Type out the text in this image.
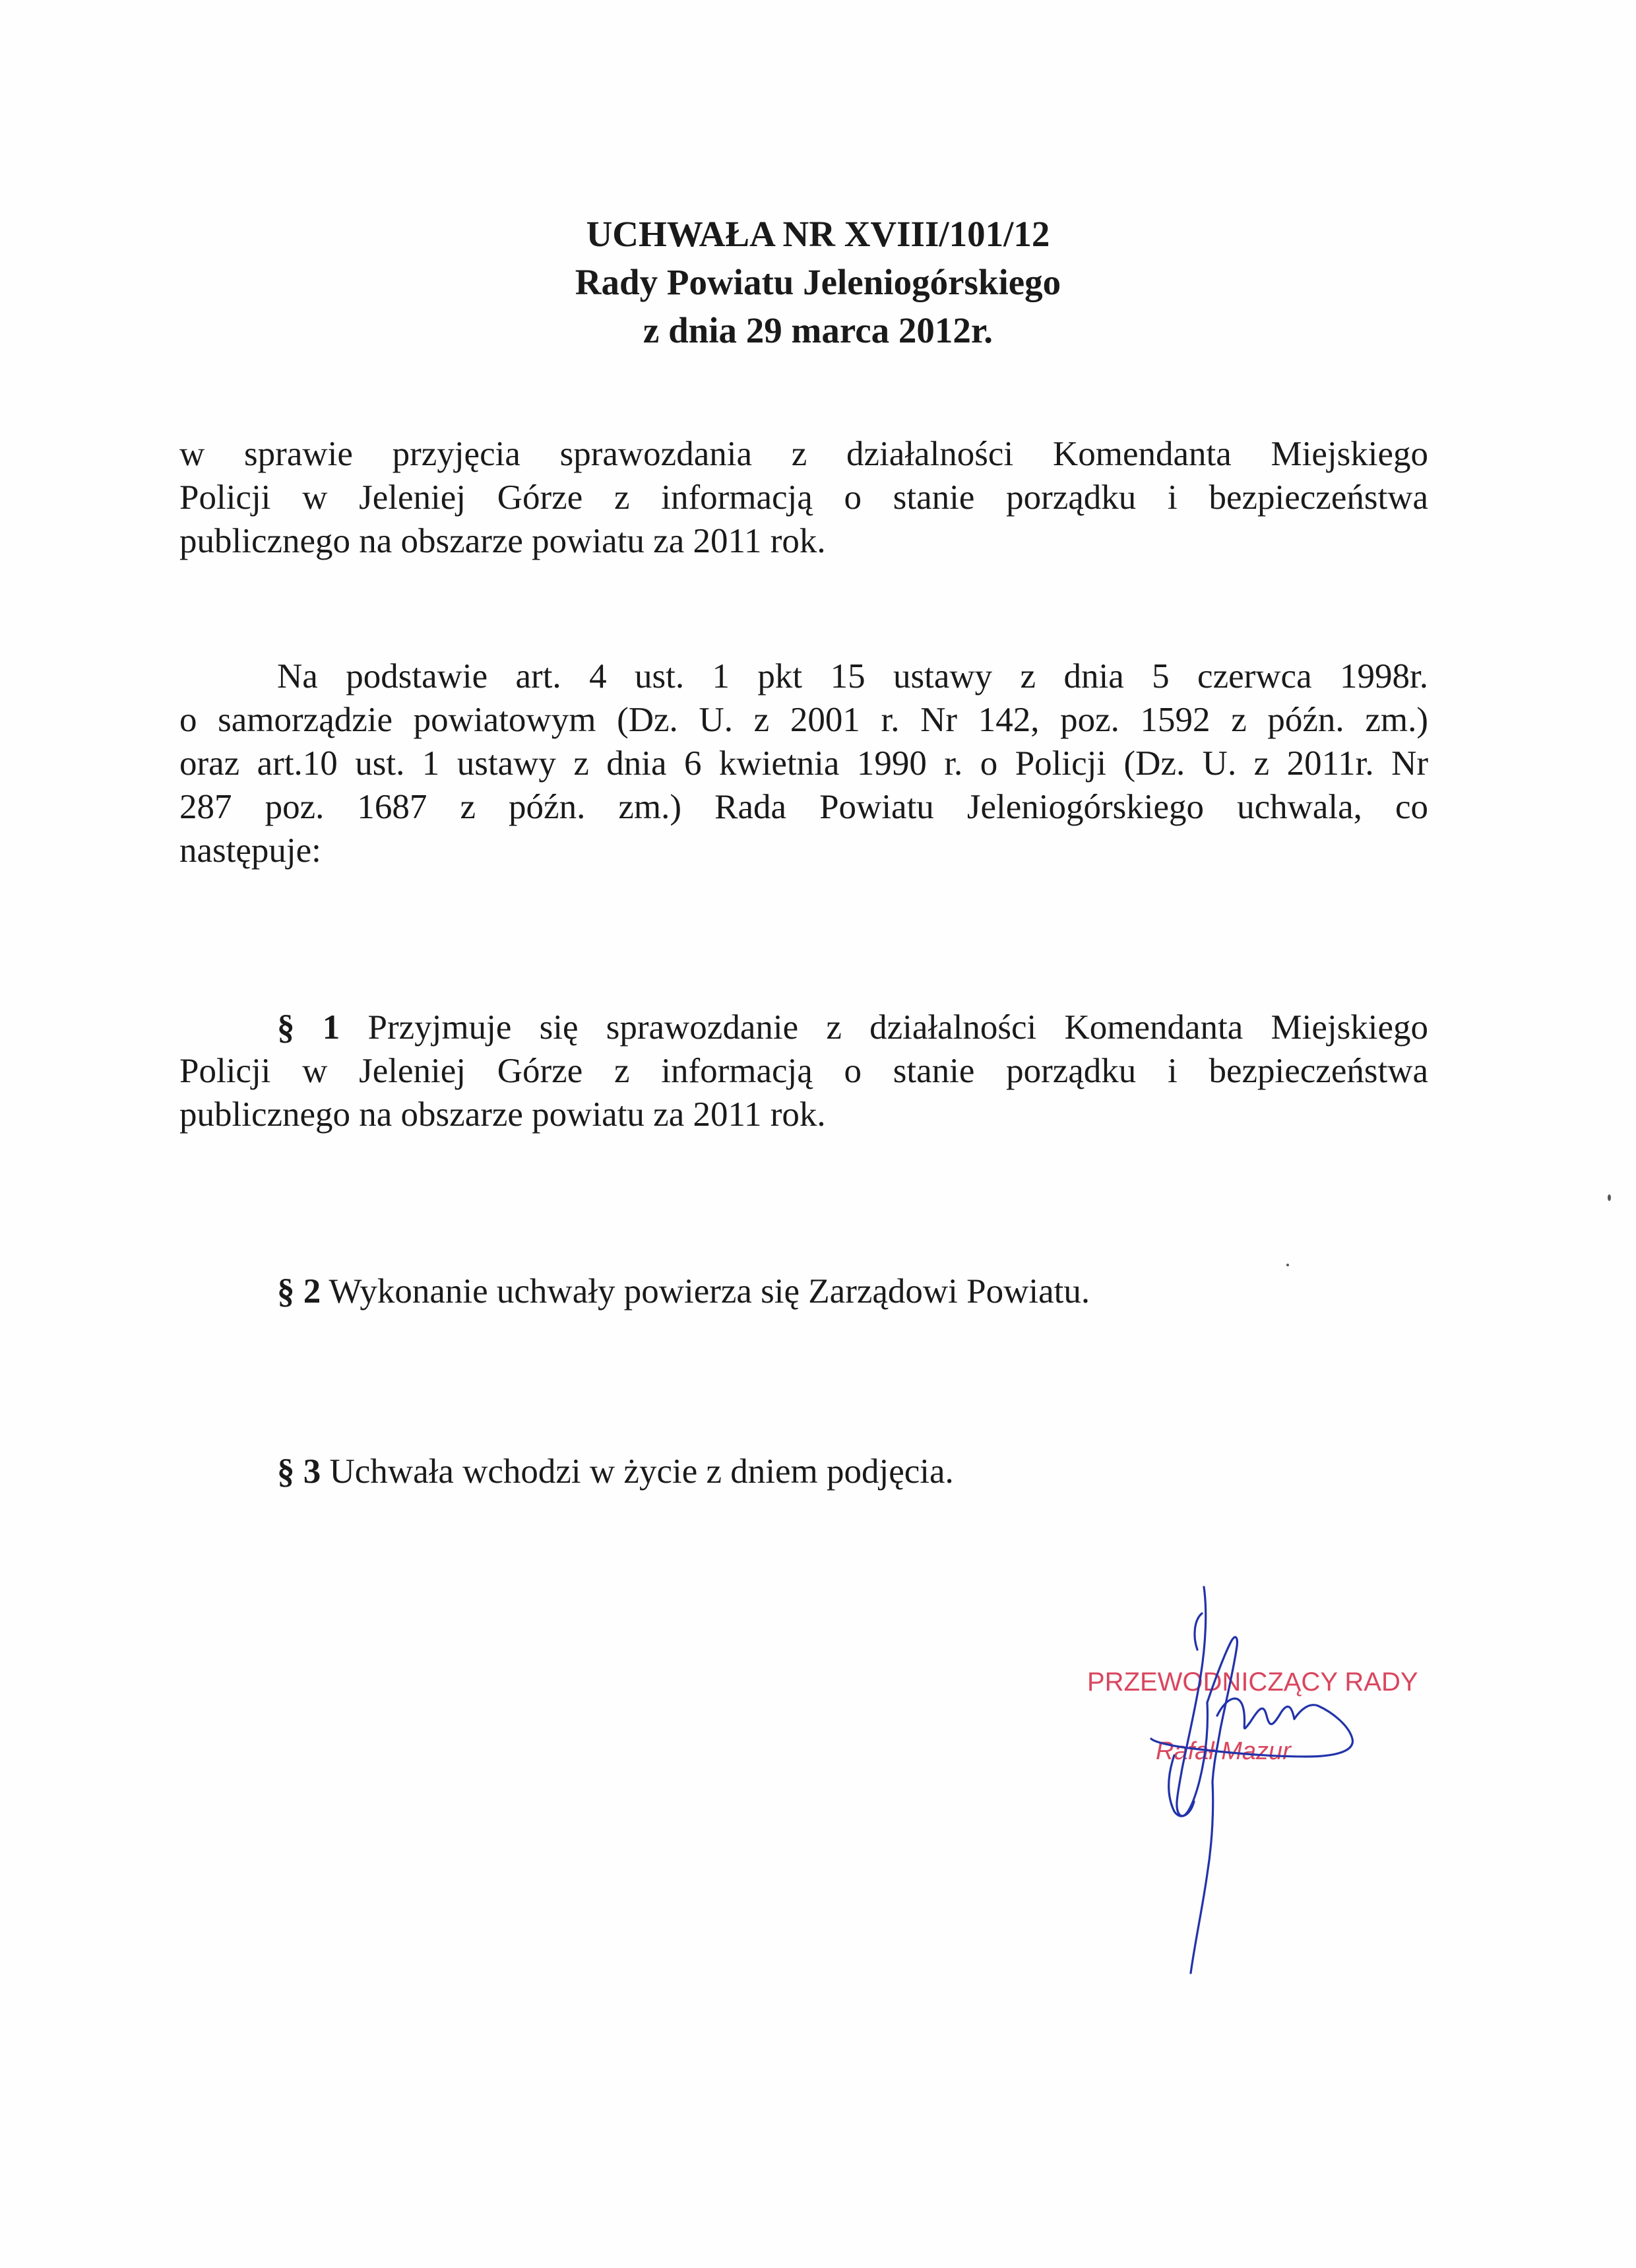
UCHWAŁA NR XVIII/101/12
Rady Powiatu Jeleniogórskiego
z dnia 29 marca 2012r.
w sprawie przyjęcia sprawozdania z działalności Komendanta Miejskiego
Policji w Jeleniej Górze z informacją o stanie porządku i bezpieczeństwa
publicznego na obszarze powiatu za 2011 rok.
Na podstawie art. 4 ust. 1 pkt 15 ustawy z dnia 5 czerwca 1998r.
o samorządzie powiatowym (Dz. U. z 2001 r. Nr 142, poz. 1592 z późn. zm.)
oraz art.10 ust. 1 ustawy z dnia 6 kwietnia 1990 r. o Policji (Dz. U. z 2011r. Nr
287 poz. 1687 z późn. zm.) Rada Powiatu Jeleniogórskiego uchwala, co
następuje:
§ 1 Przyjmuje się sprawozdanie z działalności Komendanta Miejskiego
Policji w Jeleniej Górze z informacją o stanie porządku i bezpieczeństwa
publicznego na obszarze powiatu za 2011 rok.
§ 2 Wykonanie uchwały powierza się Zarządowi Powiatu.
§ 3 Uchwała wchodzi w życie z dniem podjęcia.
PRZEWODNICZĄCY RADY
Rafał Mazur
